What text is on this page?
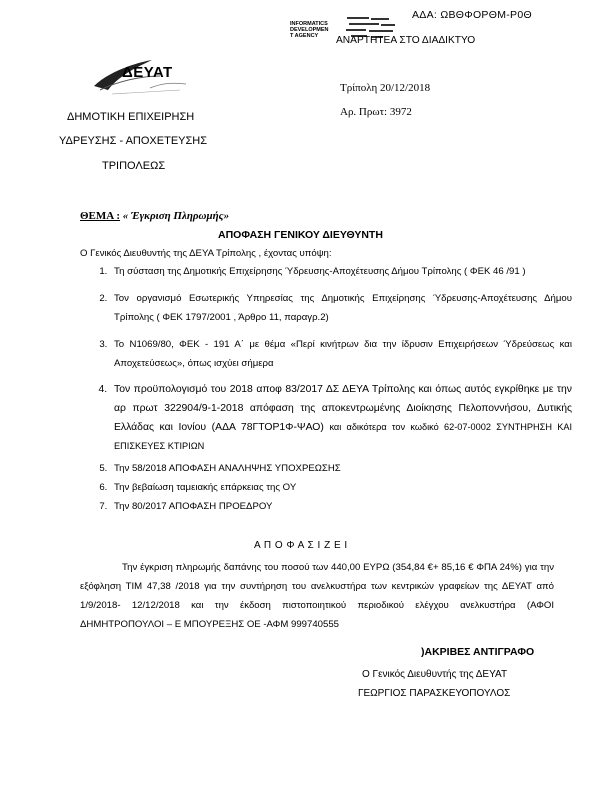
ΑΔΑ: ΩΒΘΦΟΡΘΜ-Ρ0Θ
INFORMATICS
DEVELOPMEN
T AGENCY	ΑΝΑΡΤΗΤΕΑ ΣΤΟ ΔΙΑΔΙΚΤΥΟ
ΔΕΥΑΤ
ΔΗΜΟΤΙΚΗ ΕΠΙΧΕΙΡΗΣΗ
ΥΔΡΕΥΣΗΣ - ΑΠΟΧΕΤΕΥΣΗΣ
ΤΡΙΠΟΛΕΩΣ
Τρίπολη 20/12/2018
Αρ. Πρωτ: 3972
ΘΕΜΑ : « Έγκριση Πληρωμής»
ΑΠΟΦΑΣΗ ΓΕΝΙΚΟΥ ΔΙΕΥΘΥΝΤΗ
Ο Γενικός Διευθυντής της ΔΕΥΑ Τρίπολης , έχοντας υπόψη:
1. Τη σύσταση της Δημοτικής Επιχείρησης Ύδρευσης-Αποχέτευσης Δήμου Τρίπολης ( ΦΕΚ 46 /91 )
2. Τον οργανισμό Εσωτερικής Υπηρεσίας της Δημοτικής Επιχείρησης Ύδρευσης-Αποχέτευσης Δήμου Τρίπολης ( ΦΕΚ 1797/2001 , Άρθρο 11, παραγρ.2)
3. Το Ν1069/80, ΦΕΚ - 191 Α΄ με θέμα «Περί κινήτρων δια την ίδρυσιν Επιχειρήσεων Ύδρεύσεως και Αποχετεύσεως», όπως ισχύει σήμερα
4. Τον προϋπολογισμό του 2018 αποφ 83/2017 ΔΣ ΔΕΥΑ Τρίπολης και όπως αυτός εγκρίθηκε με την αρ πρωτ 322904/9-1-2018 απόφαση της αποκεντρωμένης Διοίκησης Πελοποννήσου, Δυτικής Ελλάδας και Ιονίου (ΑΔΑ 78ΓΤΟΡ1Φ-ΨΑΟ) και αδικότερα τον κωδικό 62-07-0002 ΣΥΝΤΗΡΗΣΗ ΚΑΙ ΕΠΙΣΚΕΥΕΣ ΚΤΙΡΙΩΝ
5. Την 58/2018 ΑΠΟΦΑΣΗ ΑΝΑΛΗΨΗΣ ΥΠΟΧΡΕΩΣΗΣ
6. Την βεβαίωση ταμειακής επάρκειας της ΟΥ
7. Την 80/2017 ΑΠΟΦΑΣΗ ΠΡΟΕΔΡΟΥ
Α Π Ο Φ Α Σ Ι Ζ Ε Ι
Την έγκριση πληρωμής δαπάνης του ποσού των 440,00 ΕΥΡΩ (354,84 €+ 85,16 € ΦΠΑ 24%) για την εξόφληση ΤΙΜ 47,38 /2018 για την συντήρηση του ανελκυστήρα των κεντρικών γραφείων της ΔΕΥΑΤ από 1/9/2018- 12/12/2018 και την έκδοση πιστοποιητικού περιοδικού ελέγχου ανελκυστήρα (ΑΦΟΙ ΔΗΜΗΤΡΟΠΟΥΛΟΙ – Ε ΜΠΟΥΡΕΞΗΣ ΟΕ -ΑΦΜ 999740555
)ΑΚΡΙΒΕΣ ΑΝΤΙΓΡΑΦΟ
Ο Γενικός Διευθυντής της ΔΕΥΑΤ
ΓΕΩΡΓΙΟΣ ΠΑΡΑΣΚΕΥΟΠΟΥΛΟΣ
